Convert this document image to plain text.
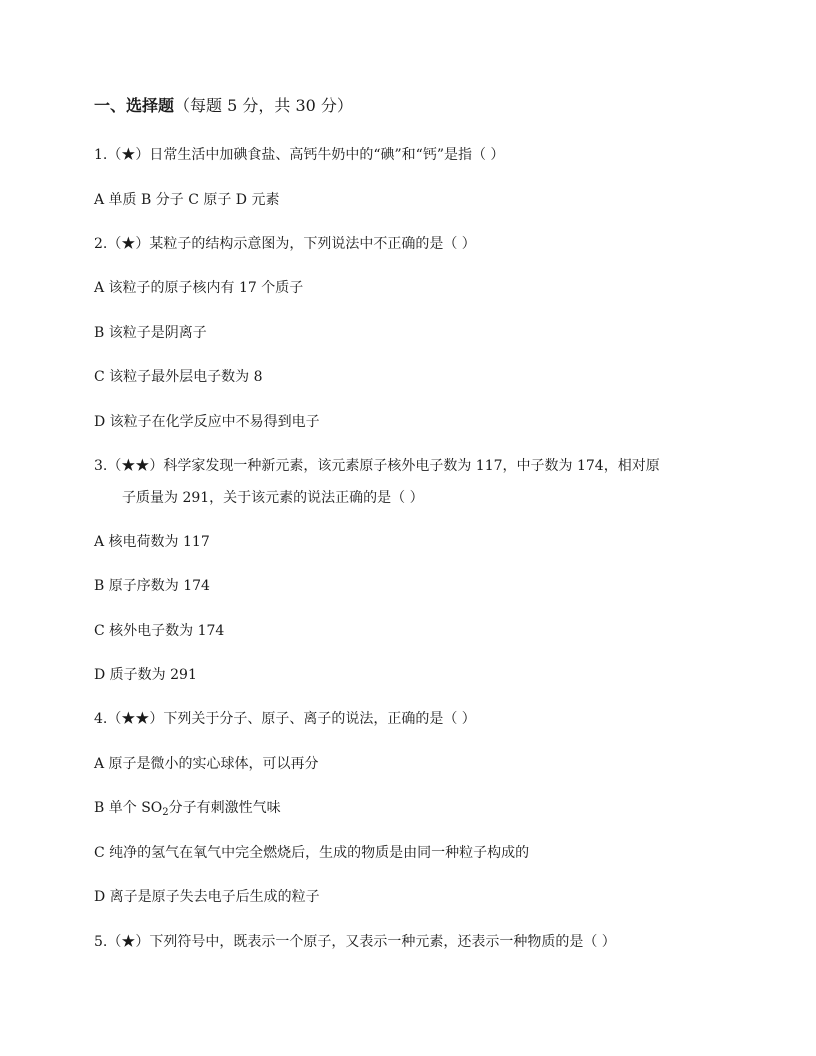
一、选择题（每题 5 分，共 30 分）
1.（★）日常生活中加碘食盐、高钙牛奶中的“碘”和“钙”是指（ ）
A 单质 B 分子 C 原子 D 元素
2.（★）某粒子的结构示意图为，下列说法中不正确的是（ ）
A 该粒子的原子核内有 17 个质子
B 该粒子是阴离子
C 该粒子最外层电子数为 8
D 该粒子在化学反应中不易得到电子
3.（★★）科学家发现一种新元素，该元素原子核外电子数为 117，中子数为 174，相对原
子质量为 291，关于该元素的说法正确的是（ ）
A 核电荷数为 117
B 原子序数为 174
C 核外电子数为 174
D 质子数为 291
4.（★★）下列关于分子、原子、离子的说法，正确的是（ ）
A 原子是微小的实心球体，可以再分
B 单个 $SO_2$分子有刺激性气味
C 纯净的氢气在氧气中完全燃烧后，生成的物质是由同一种粒子构成的
D 离子是原子失去电子后生成的粒子
5.（★）下列符号中，既表示一个原子，又表示一种元素，还表示一种物质的是（ ）
